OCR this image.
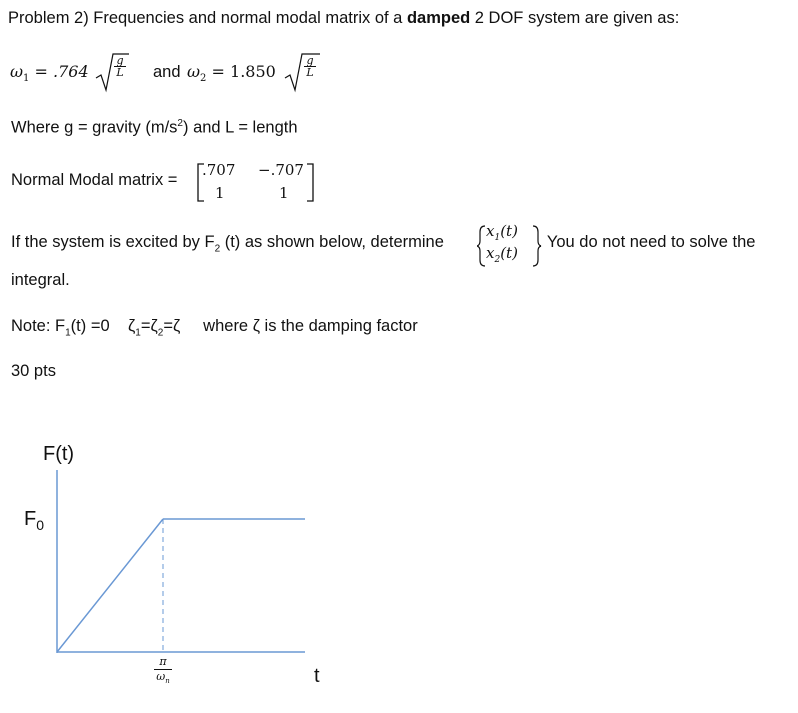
Problem 2) Frequencies and normal modal matrix of a damped 2 DOF system are given as:
$\omega_1 = .764$
g
L and $\omega_2 = 1.850$
g
L
Where g = gravity $(m/s^2)$ and L = length
Normal Modal matrix =
.707 −.707
1	1
If the system is excited by $F_2$ (t) as shown below, determine
$x_1(t)$
$x_2(t)$
. You do not need to solve the
integral.
Note: $F_1(t) =0$ $\zeta_1=\zeta_2=\zeta$ where ζ is the damping factor
30 pts
F(t)
$F_0$
π
$\omega_n$	t
